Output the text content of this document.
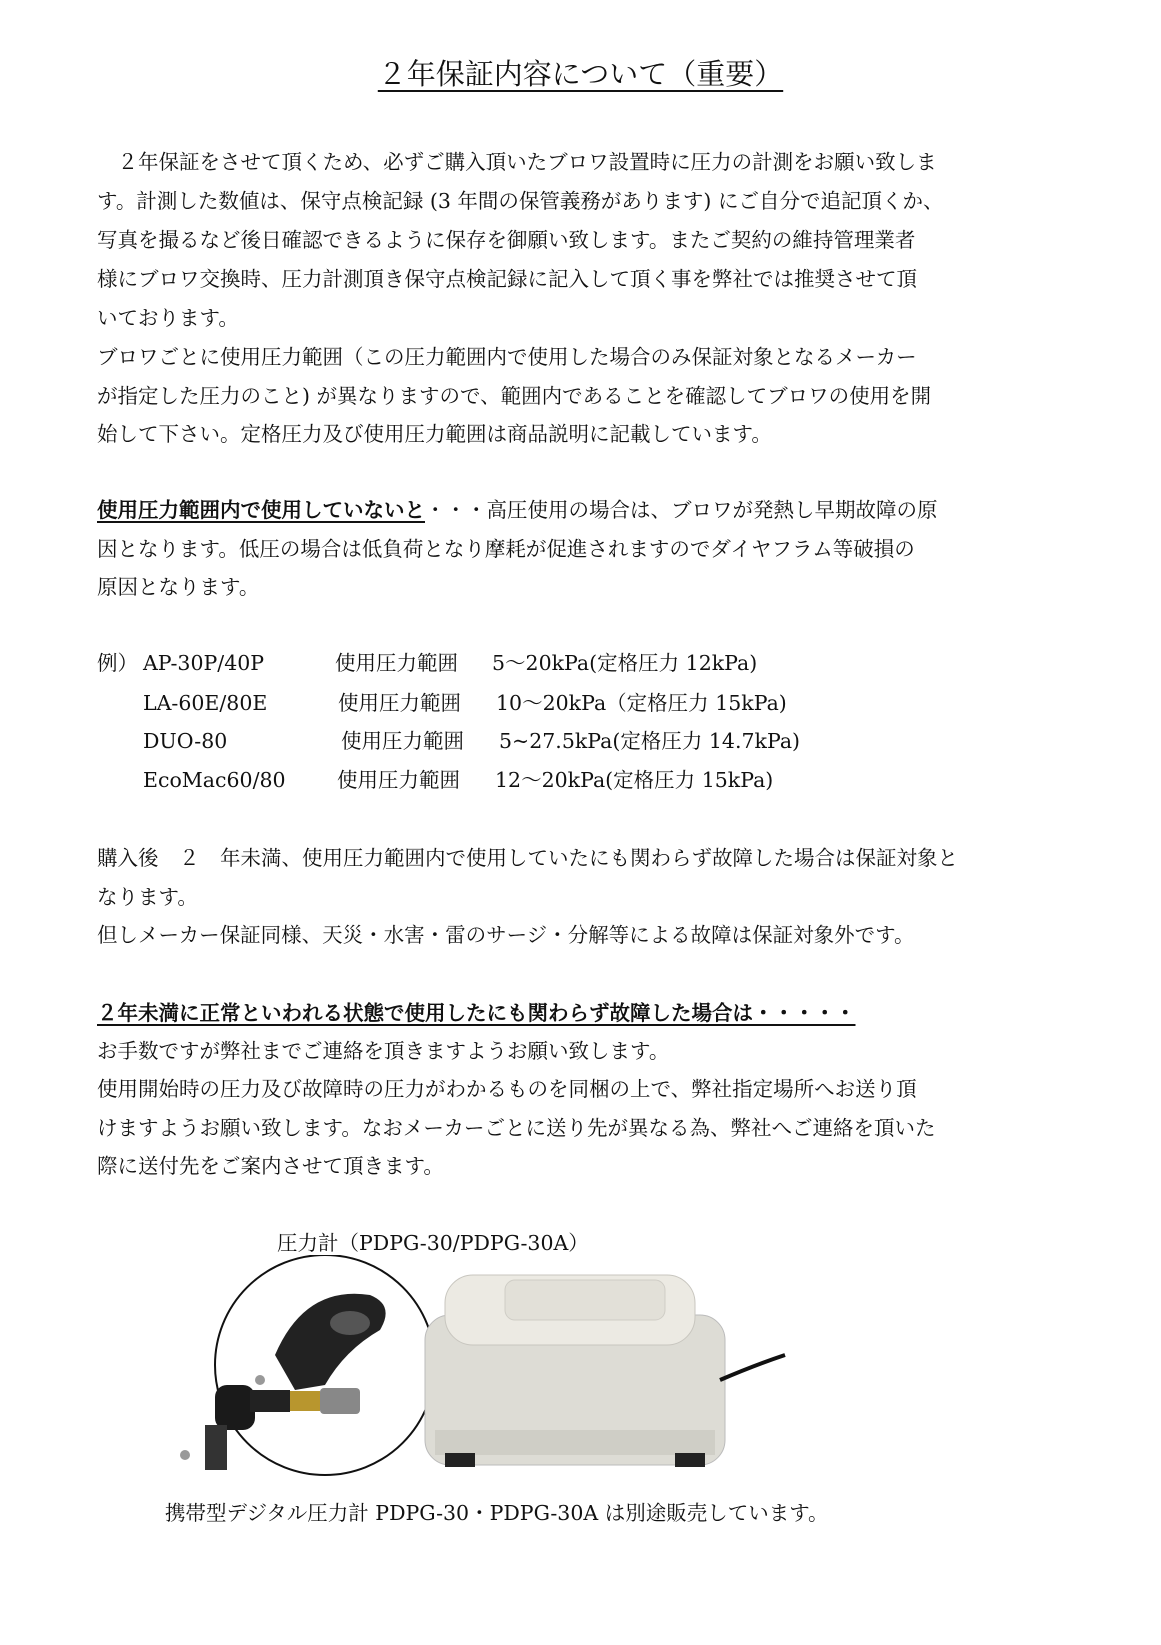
２年保証内容について（重要）
　２年保証をさせて頂くため、必ずご購入頂いたブロワ設置時に圧力の計測をお願い致しま
す。計測した数値は、保守点検記録 (3 年間の保管義務があります) にご自分で追記頂くか、
写真を撮るなど後日確認できるように保存を御願い致します。またご契約の維持管理業者
様にブロワ交換時、圧力計測頂き保守点検記録に記入して頂く事を弊社では推奨させて頂
いております。
ブロワごとに使用圧力範囲（この圧力範囲内で使用した場合のみ保証対象となるメーカー
が指定した圧力のこと) が異なりますので、範囲内であることを確認してブロワの使用を開
始して下さい。定格圧力及び使用圧力範囲は商品説明に記載しています。
使用圧力範囲内で使用していないと・・・高圧使用の場合は、ブロワが発熱し早期故障の原
因となります。低圧の場合は低負荷となり摩耗が促進されますのでダイヤフラム等破損の
原因となります。
例） AP-30P/40P	使用圧力範囲 5～20kPa(定格圧力 12kPa)
LA-60E/80E	使用圧力範囲 10～20kPa（定格圧力 15kPa)
DUO-80	使用圧力範囲 5~27.5kPa(定格圧力 14.7kPa)
EcoMac60/80	使用圧力範囲 12～20kPa(定格圧力 15kPa)
購入後　２　年未満、使用圧力範囲内で使用していたにも関わらず故障した場合は保証対象と
なります。
但しメーカー保証同様、天災・水害・雷のサージ・分解等による故障は保証対象外です。
２年未満に正常といわれる状態で使用したにも関わらず故障した場合は・・・・・
お手数ですが弊社までご連絡を頂きますようお願い致します。
使用開始時の圧力及び故障時の圧力がわかるものを同梱の上で、弊社指定場所へお送り頂
けますようお願い致します。なおメーカーごとに送り先が異なる為、弊社へご連絡を頂いた
際に送付先をご案内させて頂きます。
圧力計（PDPG-30/PDPG-30A）
携帯型デジタル圧力計 PDPG-30・PDPG-30A は別途販売しています。
